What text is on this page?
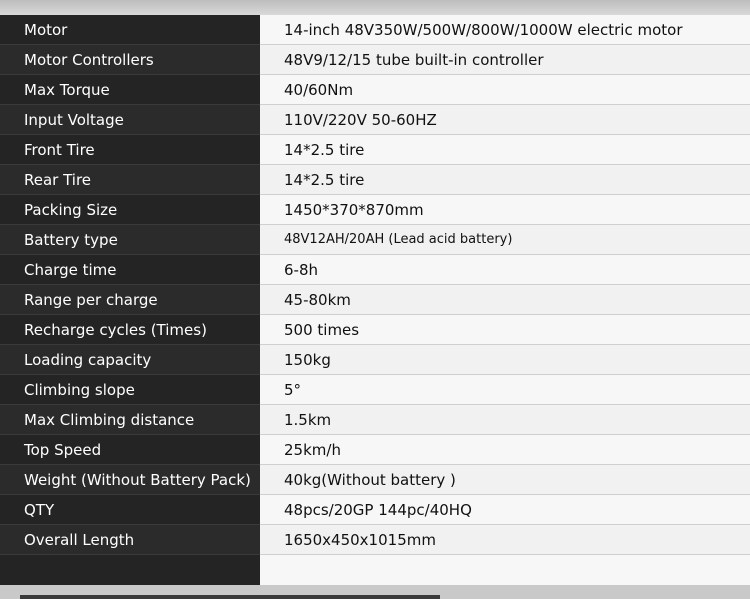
Motor
Motor Controllers
Max Torque
Input Voltage
Front Tire
Rear Tire
Packing Size
Battery type
Charge time
Range per charge
Recharge cycles (Times)
Loading capacity
Climbing slope
Max Climbing distance
Top Speed
Weight (Without Battery Pack)
QTY
Overall Length
14-inch 48V350W/500W/800W/1000W electric motor
48V9/12/15 tube built-in controller
40/60Nm
110V/220V 50-60HZ
14*2.5 tire
14*2.5 tire
1450*370*870mm
48V12AH/20AH (Lead acid battery)
6-8h
45-80km
500 times
150kg
5°
1.5km
25km/h
40kg(Without battery )
48pcs/20GP 144pc/40HQ
1650x450x1015mm
